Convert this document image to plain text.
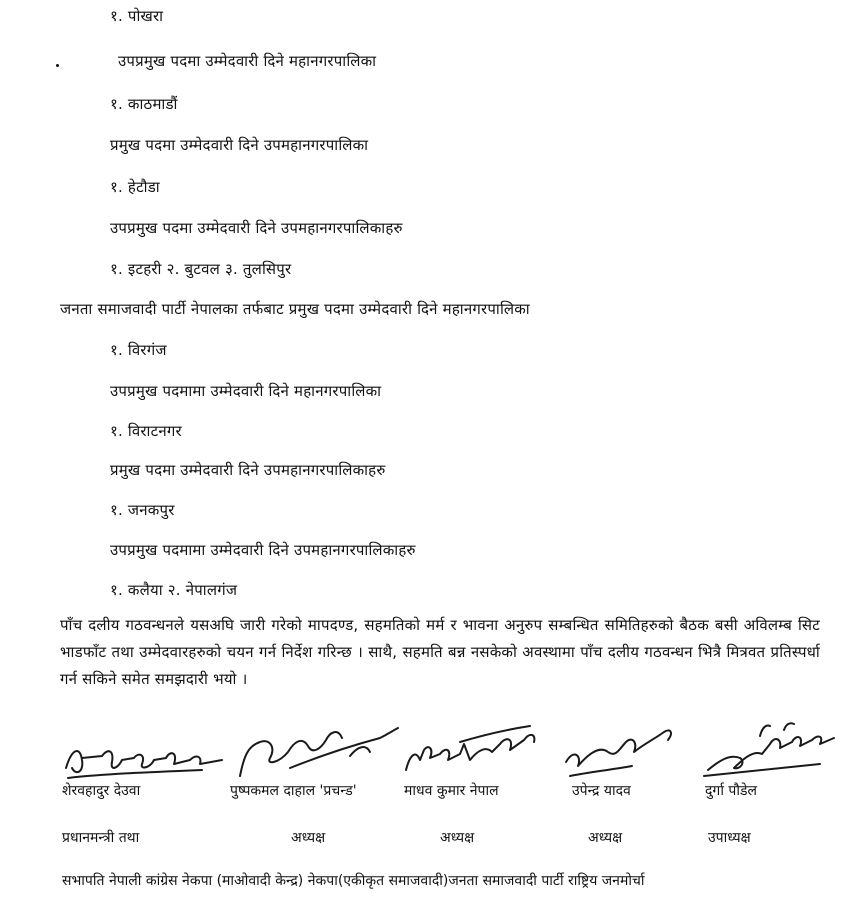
१. पोखरा
उपप्रमुख पदमा उम्मेदवारी दिने महानगरपालिका
१. काठमाडौं
प्रमुख पदमा उम्मेदवारी दिने उपमहानगरपालिका
१. हेटौडा
उपप्रमुख पदमा उम्मेदवारी दिने उपमहानगरपालिकाहरु
१. इटहरी २. बुटवल ३. तुलसिपुर
जनता समाजवादी पार्टी नेपालका तर्फबाट प्रमुख पदमा उम्मेदवारी दिने महानगरपालिका
१. विरगंज
उपप्रमुख पदमामा उम्मेदवारी दिने महानगरपालिका
१. विराटनगर
प्रमुख पदमा उम्मेदवारी दिने उपमहानगरपालिकाहरु
१. जनकपुर
उपप्रमुख पदमामा उम्मेदवारी दिने उपमहानगरपालिकाहरु
१. कलैया २. नेपालगंज
पाँच दलीय गठवन्धनले यसअघि जारी गरेको मापदण्ड, सहमतिको मर्म र भावना अनुरुप सम्बन्धित समितिहरुको बैठक बसी अविलम्ब सिट भाडफाँट तथा उम्मेदवारहरुको चयन गर्न निर्देश गरिन्छ । साथै, सहमति बन्न नसकेको अवस्थामा पाँच दलीय गठवन्धन भित्रै मित्रवत प्रतिस्पर्धा गर्न सकिने समेत समझदारी भयो ।
शेरवहादुर देउवा	पुष्पकमल दाहाल 'प्रचन्ड'	माधव कुमार नेपाल	उपेन्द्र यादव	दुर्गा पौडेल
प्रधानमन्त्री तथा	अध्यक्ष	अध्यक्ष	अध्यक्ष	उपाध्यक्ष
सभापति नेपाली कांग्रेस नेकपा (माओवादी केन्द्र) नेकपा(एकीकृत समाजवादी)जनता समाजवादी पार्टी राष्ट्रिय जनमोर्चा
